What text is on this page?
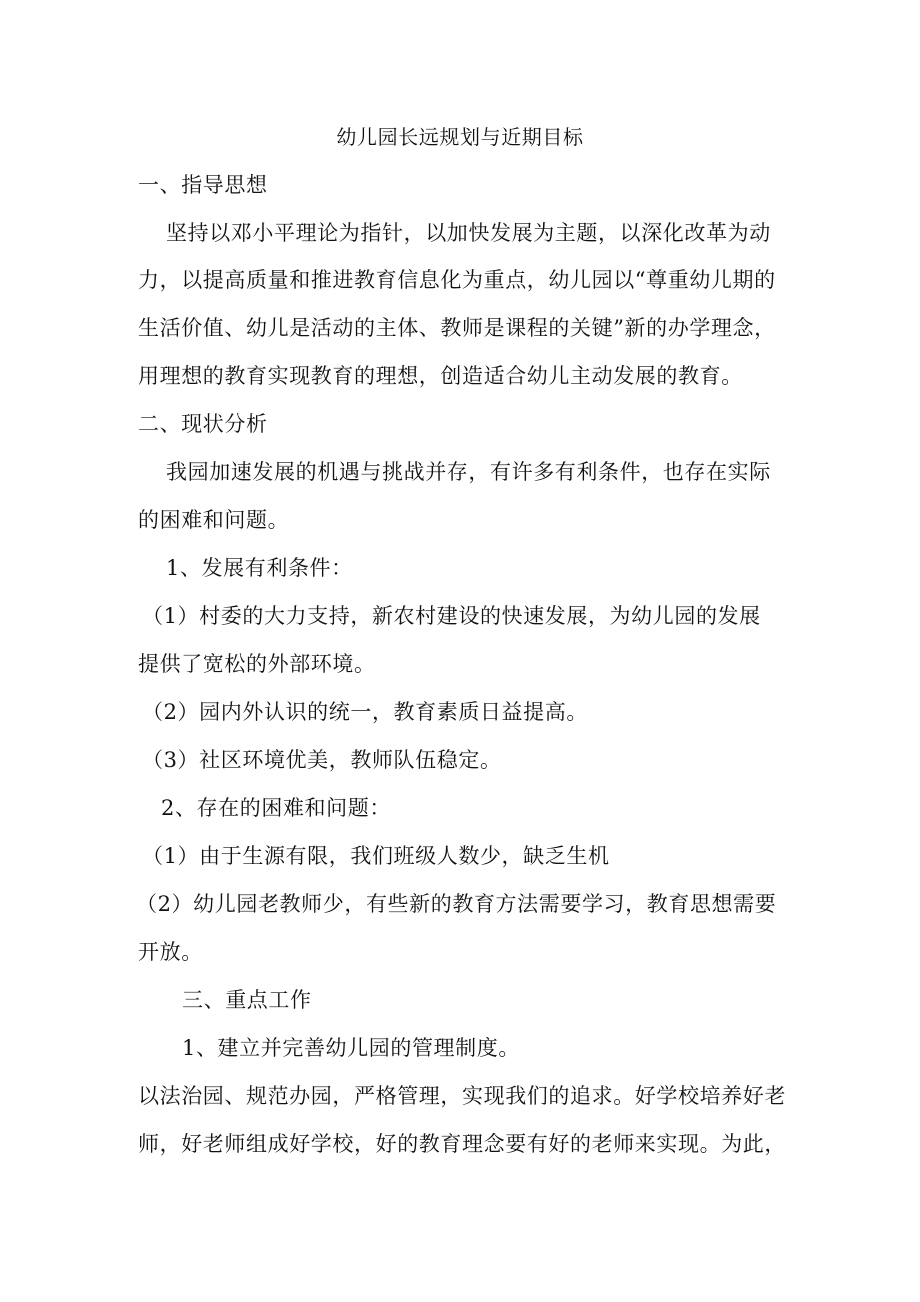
幼儿园长远规划与近期目标
一、指导思想
坚持以邓小平理论为指针，以加快发展为主题，以深化改革为动
力，以提高质量和推进教育信息化为重点，幼儿园以“尊重幼儿期的
生活价值、幼儿是活动的主体、教师是课程的关键”新的办学理念，
用理想的教育实现教育的理想，创造适合幼儿主动发展的教育。
二、现状分析
我园加速发展的机遇与挑战并存，有许多有利条件，也存在实际
的困难和问题。
1、发展有利条件：
（1）村委的大力支持，新农村建设的快速发展，为幼儿园的发展
提供了宽松的外部环境。
（2）园内外认识的统一，教育素质日益提高。
（3）社区环境优美，教师队伍稳定。
2、存在的困难和问题：
（1）由于生源有限，我们班级人数少，缺乏生机
（2）幼儿园老教师少，有些新的教育方法需要学习，教育思想需要
开放。
三、重点工作
1、建立并完善幼儿园的管理制度。
以法治园、规范办园，严格管理，实现我们的追求。好学校培养好老
师，好老师组成好学校，好的教育理念要有好的老师来实现。为此，
